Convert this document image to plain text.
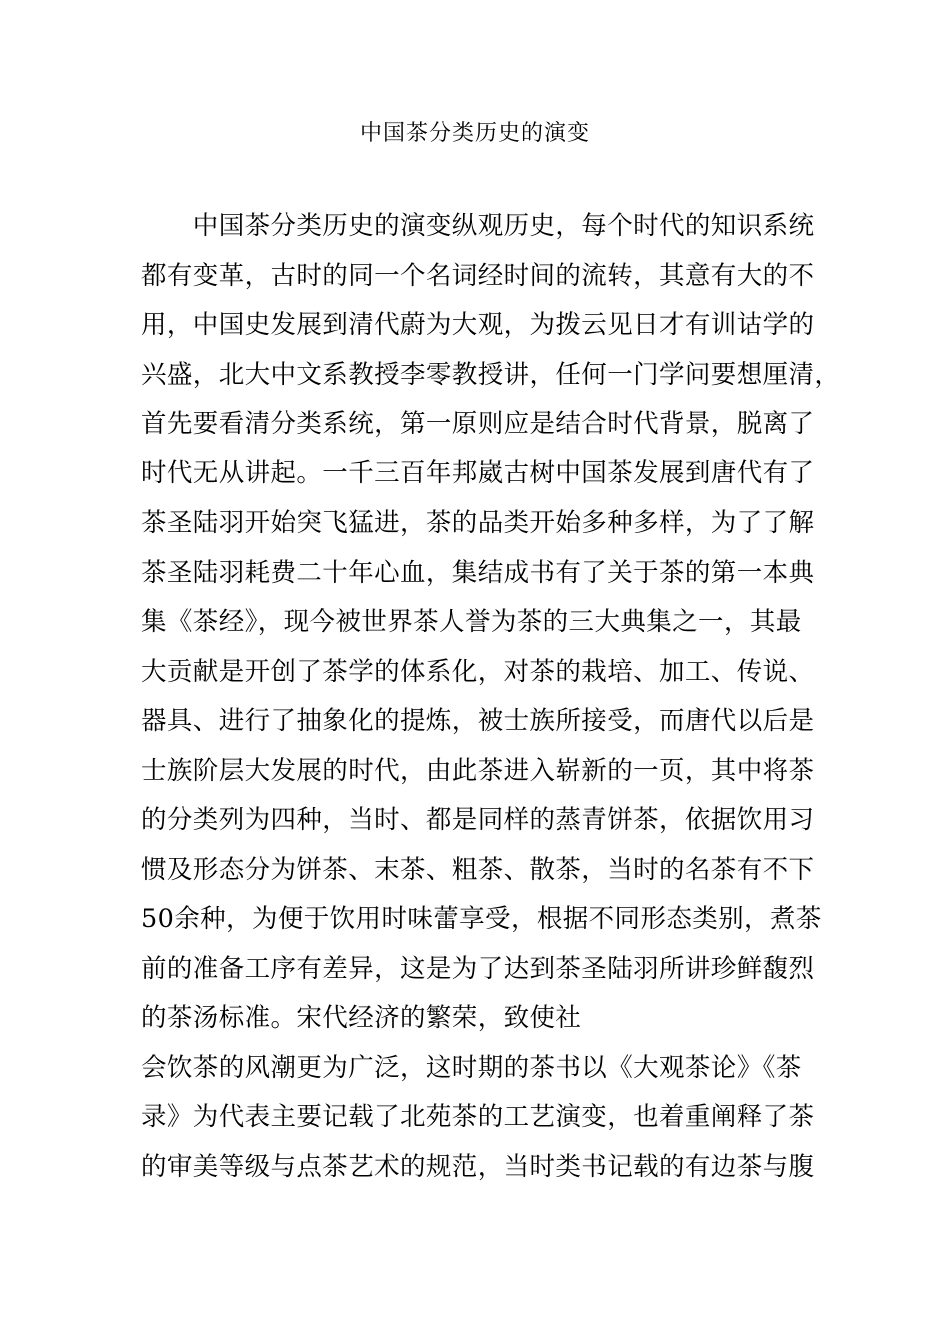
中国茶分类历史的演变
　　中国茶分类历史的演变纵观历史，每个时代的知识系统
都有变革，古时的同一个名词经时间的流转，其意有大的不
用，中国史发展到清代蔚为大观，为拨云见日才有训诂学的
兴盛，北大中文系教授李零教授讲，任何一门学问要想厘清，
首先要看清分类系统，第一原则应是结合时代背景，脱离了
时代无从讲起。一千三百年邦崴古树中国茶发展到唐代有了
茶圣陆羽开始突飞猛进，茶的品类开始多种多样，为了了解
茶圣陆羽耗费二十年心血，集结成书有了关于茶的第一本典
集《茶经》，现今被世界茶人誉为茶的三大典集之一，其最
大贡献是开创了茶学的体系化，对茶的栽培、加工、传说、
器具、进行了抽象化的提炼，被士族所接受，而唐代以后是
士族阶层大发展的时代，由此茶进入崭新的一页，其中将茶
的分类列为四种，当时、都是同样的蒸青饼茶，依据饮用习
惯及形态分为饼茶、末茶、粗茶、散茶，当时的名茶有不下
50余种，为便于饮用时味蕾享受，根据不同形态类别，煮茶
前的准备工序有差异，这是为了达到茶圣陆羽所讲珍鲜馥烈
的茶汤标准。宋代经济的繁荣，致使社
会饮茶的风潮更为广泛，这时期的茶书以《大观茶论》《茶
录》为代表主要记载了北苑茶的工艺演变，也着重阐释了茶
的审美等级与点茶艺术的规范，当时类书记载的有边茶与腹
